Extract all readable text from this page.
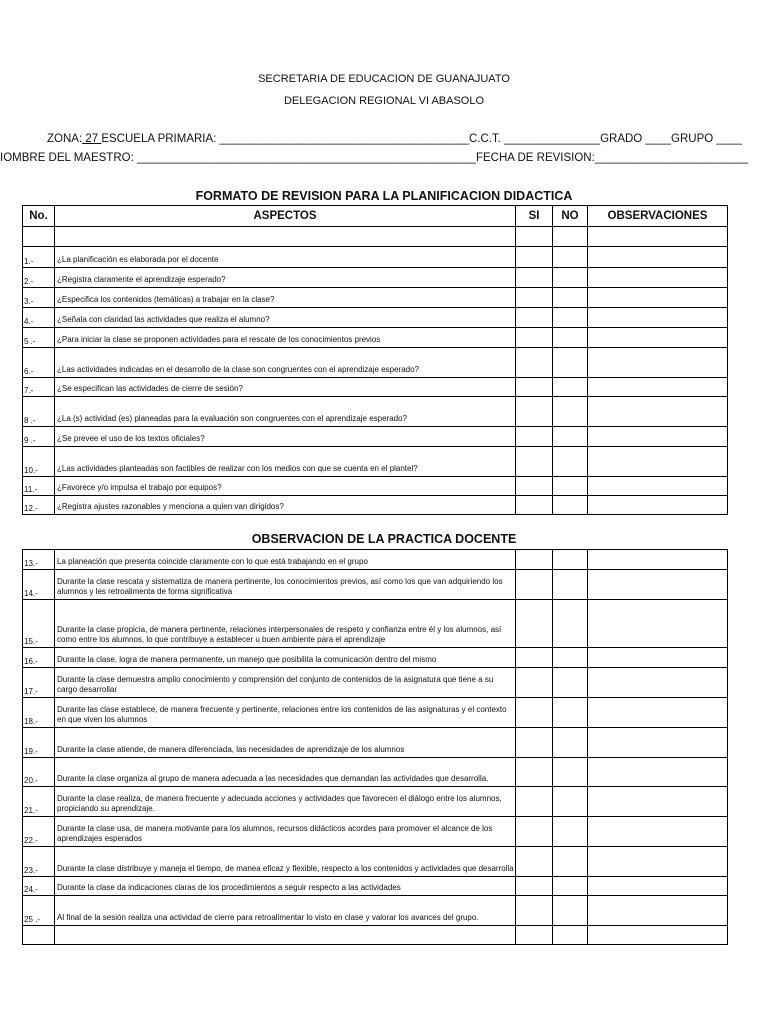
SECRETARIA DE EDUCACION DE GUANAJUATO
DELEGACION REGIONAL VI ABASOLO
ZONA: 27 ESCUELA PRIMARIA: _______________________________________C.C.T. _______________GRADO ____GRUPO ____
IOMBRE DEL MAESTRO: _____________________________________________________FECHA DE REVISION:________________________
FORMATO DE REVISION PARA LA PLANIFICACION DIDACTICA
No.	ASPECTOS	SI	NO	OBSERVACIONES

1.-	¿La planificación es elaborada por el docente			
2.-	¿Registra claramente el aprendizaje esperado?			
3.-	¿Especifica los contenidos (temáticas) a trabajar en la clase?			
4.-	¿Señala con claridad las actividades que realiza el alumno?			
5 .-	¿Para iniciar la clase se proponen actividades para el rescate de los conocimientos previos			
6.-	¿Las actividades indicadas en el desarrollo de la clase son congruentes con el aprendizaje esperado?			
7.-	¿Se especifican las actividades de cierre de sesión?			
8 .-	¿La (s) actividad (es) planeadas para la evaluación son congruentes con el aprendizaje esperado?			
9 .-	¿Se prevee el uso de los textos oficiales?			
10.-	¿Las actividades planteadas son factibles de realizar con los medios con que se cuenta en el plantel?			
11.-	¿Favorece y/o impulsa el trabajo por equipos?			
12.-	¿Registra ajustes razonables y menciona a quien van dirigidos?			
OBSERVACION DE LA PRACTICA DOCENTE
13.-	La planeación que presenta coincide claramente con lo que está trabajando en el grupo			
14.-	Durante la clase rescata y sistematiza de manera pertinente, los conocimientos previos, así como los que van adquiriendo los alumnos y les retroalimenta de forma significativa			
15.-	Durante la clase propicia, de manera pertinente, relaciones interpersonales de respeto y confianza entre él y los alumnos, así como entre los alumnos, lo que contribuye a establecer u buen ambiente para el aprendizaje			
16.-	Durante la clase, logra de manera permanente, un manejo que posibilita la comunicación dentro del mismo			
17.-	Durante la clase demuestra amplio conocimiento y comprensión del conjunto de contenidos de la asignatura que tiene a su cargo desarrollar			
18.-	Durante las clase establece, de manera frecuente y pertinente, relaciones entre los contenidos de las asignaturas y el contexto en que viven los alumnos			
19.-	Durante la clase atiende, de manera diferenciada, las necesidades de aprendizaje de los alumnos			
20.-	Durante la clase organiza al grupo de manera adecuada a las necesidades que demandan las actividades que desarrolla.			
21.-	Durante la clase realiza, de manera frecuente y adecuada acciones y actividades que favorecen el diálogo entre los alumnos, propiciando su aprendizaje.			
22.-	Durante la clase usa, de manera motivante para los alumnos, recursos didácticos acordes para promover el alcance de los aprendizajes esperados			
23.-	Durante la clase distribuye y maneja el tiempo, de manea eficaz y flexible, respecto a los contenidos y actividades que desarrolla			
24.-	Durante la clase da indicaciones claras de los procedimientos a seguir respecto a las actividades			
25 .-	Al final de la sesión realiza una actividad de cierre para retroalimentar lo visto en clase y valorar los avances del grupo.			
